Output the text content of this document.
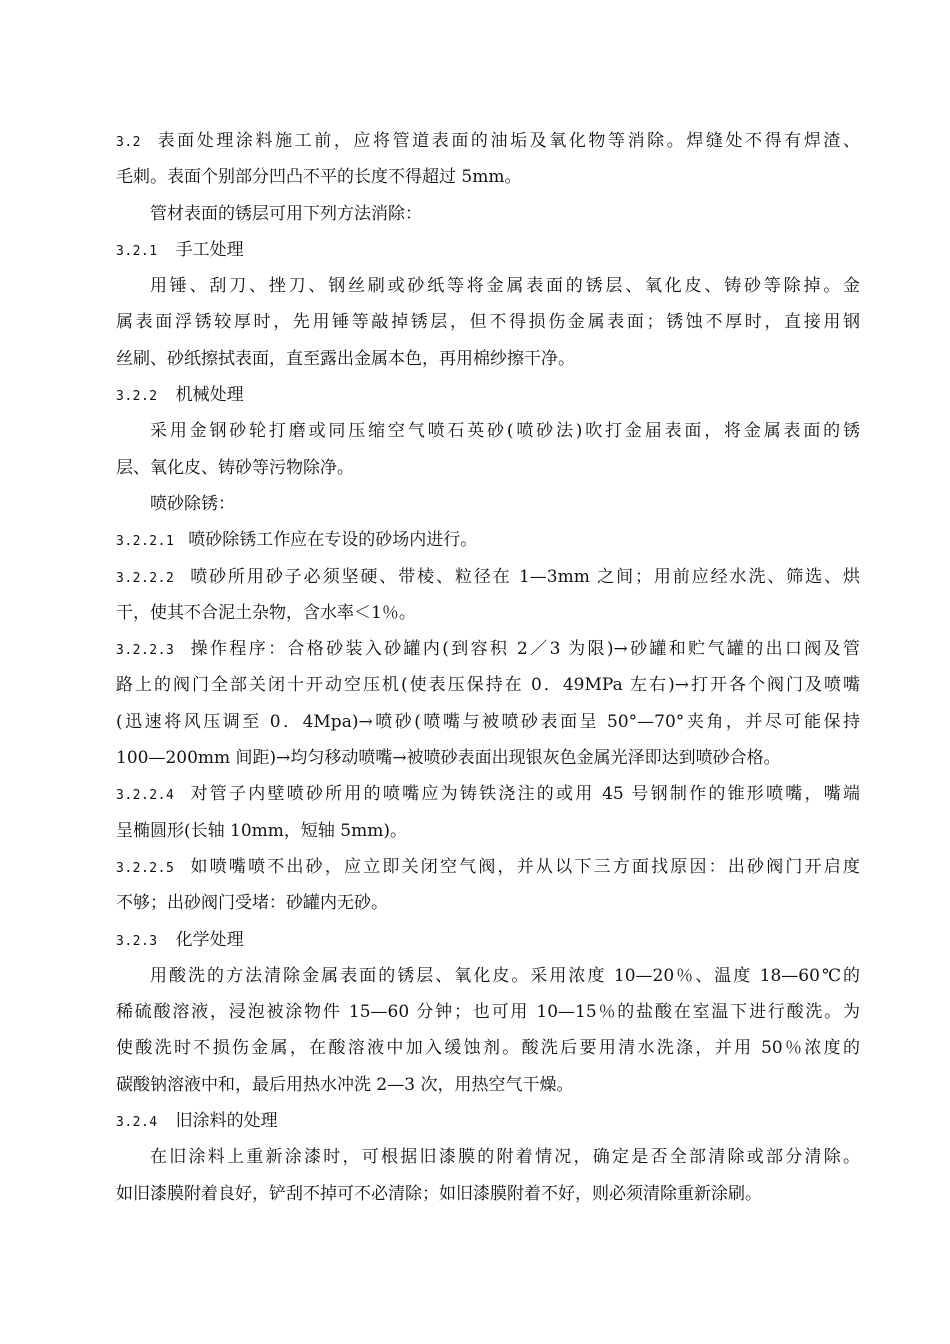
3.2 表面处理涂料施工前，应将管道表面的油垢及氧化物等消除。焊缝处不得有焊渣、
毛刺。表面个别部分凹凸不平的长度不得超过 5mm。
管材表面的锈层可用下列方法消除：
3.2.1 手工处理
用锤、刮刀、挫刀、钢丝刷或砂纸等将金属表面的锈层、氧化皮、铸砂等除掉。金
属表面浮锈较厚时，先用锤等敲掉锈层，但不得损伤金属表面；锈蚀不厚时，直接用钢
丝刷、砂纸擦拭表面，直至露出金属本色，再用棉纱擦干净。
3.2.2 机械处理
采用金钢砂轮打磨或同压缩空气喷石英砂(喷砂法)吹打金届表面，将金属表面的锈
层、氧化皮、铸砂等污物除净。
喷砂除锈：
3.2.2.1 喷砂除锈工作应在专设的砂场内进行。
3.2.2.2 喷砂所用砂子必须坚硬、带棱、粒径在 1—3mm 之间；用前应经水洗、筛选、烘
干，使其不合泥土杂物，含水率＜1％。
3.2.2.3 操作程序：合格砂装入砂罐内(到容积 2／3 为限)→砂罐和贮气罐的出口阀及管
路上的阀门全部关闭十开动空压机(使表压保持在 0．49MPa 左右)→打开各个阀门及喷嘴
(迅速将风压调至 0．4Mpa)→喷砂(喷嘴与被喷砂表面呈 50°—70°夹角，并尽可能保持
100—200mm 间距)→均匀移动喷嘴→被喷砂表面出现银灰色金属光泽即达到喷砂合格。
3.2.2.4 对管子内壁喷砂所用的喷嘴应为铸铁浇注的或用 45 号钢制作的锥形喷嘴，嘴端
呈椭圆形(长轴 10mm，短轴 5mm)。
3.2.2.5 如喷嘴喷不出砂，应立即关闭空气阀，并从以下三方面找原因：出砂阀门开启度
不够；出砂阀门受堵：砂罐内无砂。
3.2.3 化学处理
用酸洗的方法清除金属表面的锈层、氧化皮。采用浓度 10—20％、温度 18—60℃的
稀硫酸溶液，浸泡被涂物件 15—60 分钟；也可用 10—15％的盐酸在室温下进行酸洗。为
使酸洗时不损伤金属，在酸溶液中加入缓蚀剂。酸洗后要用清水洗涤，并用 50％浓度的
碳酸钠溶液中和，最后用热水冲洗 2—3 次，用热空气干燥。
3.2.4 旧涂料的处理
在旧涂料上重新涂漆时，可根据旧漆膜的附着情况，确定是否全部清除或部分清除。
如旧漆膜附着良好，铲刮不掉可不必清除；如旧漆膜附着不好，则必须清除重新涂刷。
